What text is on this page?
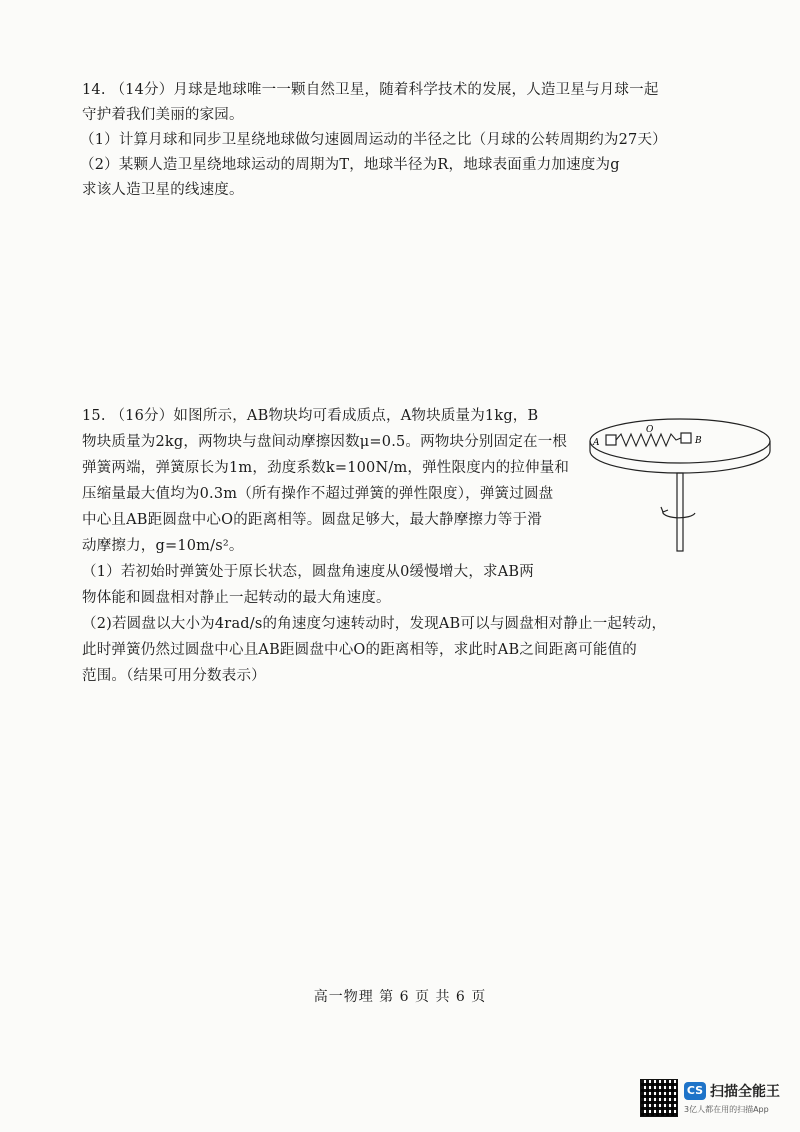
14. （14分）月球是地球唯一一颗自然卫星，随着科学技术的发展，人造卫星与月球一起
守护着我们美丽的家园。
（1）计算月球和同步卫星绕地球做匀速圆周运动的半径之比（月球的公转周期约为27天）
（2）某颗人造卫星绕地球运动的周期为T，地球半径为R，地球表面重力加速度为g
求该人造卫星的线速度。
15. （16分）如图所示，AB物块均可看成质点，A物块质量为1kg，B
物块质量为2kg，两物块与盘间动摩擦因数μ=0.5。两物块分别固定在一根
弹簧两端，弹簧原长为1m，劲度系数k=100N/m，弹性限度内的拉伸量和
压缩量最大值均为0.3m（所有操作不超过弹簧的弹性限度），弹簧过圆盘
中心且AB距圆盘中心O的距离相等。圆盘足够大，最大静摩擦力等于滑
动摩擦力，g=10m/s²。
（1）若初始时弹簧处于原长状态，圆盘角速度从0缓慢增大，求AB两
物体能和圆盘相对静止一起转动的最大角速度。
（2)若圆盘以大小为4rad/s的角速度匀速转动时，发现AB可以与圆盘相对静止一起转动，
此时弹簧仍然过圆盘中心且AB距圆盘中心O的距离相等，求此时AB之间距离可能值的
范围。（结果可用分数表示）
A	B
O
高一物理 第 6 页 共 6 页
CS 扫描全能王
3亿人都在用的扫描App
